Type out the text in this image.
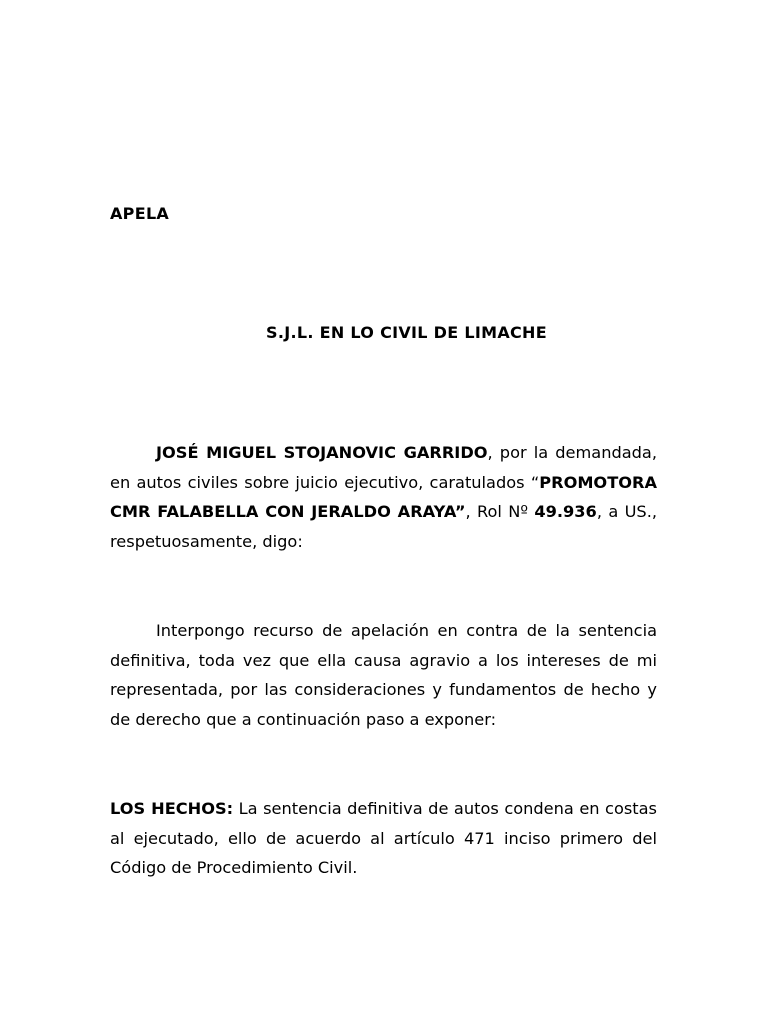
APELA

S.J.L. EN LO CIVIL DE LIMACHE

JOSÉ MIGUEL STOJANOVIC GARRIDO, por la demandada, en autos civiles sobre juicio ejecutivo, caratulados “PROMOTORA CMR FALABELLA CON JERALDO ARAYA”, Rol Nº 49.936, a US., respetuosamente, digo:

Interpongo recurso de apelación en contra de la sentencia definitiva, toda vez que ella causa agravio a los intereses de mi representada, por las consideraciones y fundamentos de hecho y de derecho que a continuación paso a exponer:

LOS HECHOS: La sentencia definitiva de autos condena en costas al ejecutado, ello de acuerdo al artículo 471 inciso primero del Código de Procedimiento Civil.
